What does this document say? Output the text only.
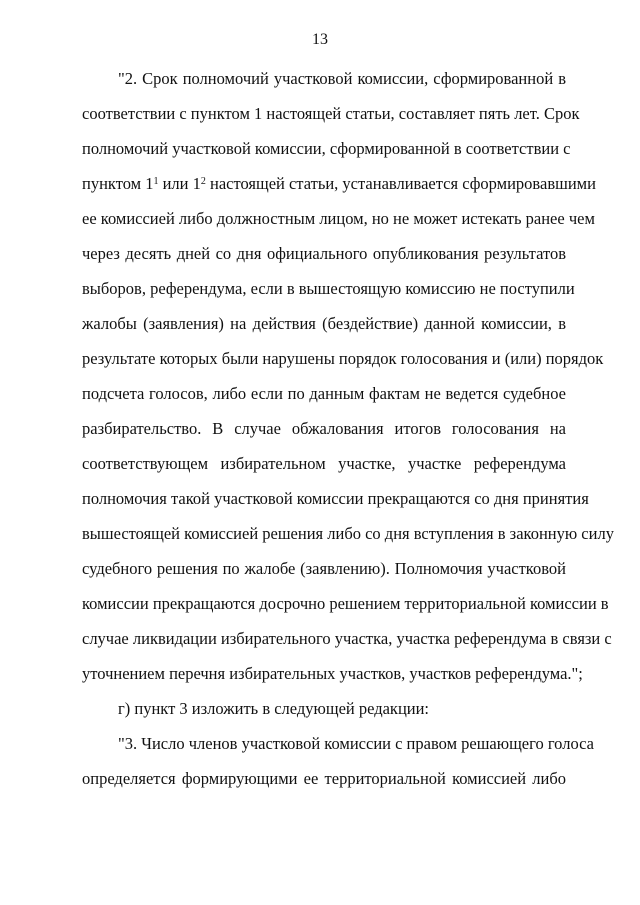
13
"2. Срок полномочий участковой комиссии, сформированной в
соответствии с пунктом 1 настоящей статьи, составляет пять лет. Срок
полномочий участковой комиссии, сформированной в соответствии с
пунктом $1^1$ или $1^2$ настоящей статьи, устанавливается сформировавшими
ее комиссией либо должностным лицом, но не может истекать ранее чем
через десять дней со дня официального опубликования результатов
выборов, референдума, если в вышестоящую комиссию не поступили
жалобы (заявления) на действия (бездействие) данной комиссии, в
результате которых были нарушены порядок голосования и (или) порядок
подсчета голосов, либо если по данным фактам не ведется судебное
разбирательство. В случае обжалования итогов голосования на
соответствующем избирательном участке, участке референдума
полномочия такой участковой комиссии прекращаются со дня принятия
вышестоящей комиссией решения либо со дня вступления в законную силу
судебного решения по жалобе (заявлению). Полномочия участковой
комиссии прекращаются досрочно решением территориальной комиссии в
случае ликвидации избирательного участка, участка референдума в связи с
уточнением перечня избирательных участков, участков референдума.";
г) пункт 3 изложить в следующей редакции:
"3. Число членов участковой комиссии с правом решающего голоса
определяется формирующими ее территориальной комиссией либо
